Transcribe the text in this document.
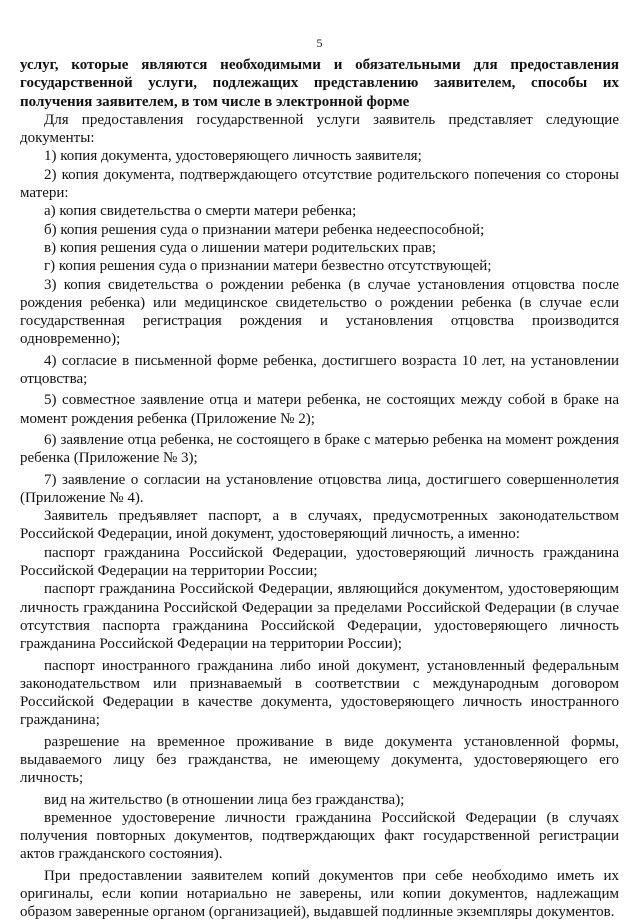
5

услуг, которые являются необходимыми и обязательными для предоставления государственной услуги, подлежащих представлению заявителем, способы их получения заявителем, в том числе в электронной форме

Для предоставления государственной услуги заявитель представляет следующие документы:

1) копия документа, удостоверяющего личность заявителя;

2) копия документа, подтверждающего отсутствие родительского попечения со стороны матери:

а) копия свидетельства о смерти матери ребенка;

б) копия решения суда о признании матери ребенка недееспособной;

в) копия решения суда о лишении матери родительских прав;

г) копия решения суда о признании матери безвестно отсутствующей;

3) копия свидетельства о рождении ребенка (в случае установления отцовства после рождения ребенка) или медицинское свидетельство о рождении ребенка (в случае если государственная регистрация рождения и установления отцовства производится одновременно);

4) согласие в письменной форме ребенка, достигшего возраста 10 лет, на установлении отцовства;

5) совместное заявление отца и матери ребенка, не состоящих между собой в браке на момент рождения ребенка (Приложение № 2);

6) заявление отца ребенка, не состоящего в браке с матерью ребенка на момент рождения ребенка (Приложение № 3);

7) заявление о согласии на установление отцовства лица, достигшего совершеннолетия (Приложение № 4).

Заявитель предъявляет паспорт, а в случаях, предусмотренных законодательством Российской Федерации, иной документ, удостоверяющий личность, а именно:

паспорт гражданина Российской Федерации, удостоверяющий личность гражданина Российской Федерации на территории России;

паспорт гражданина Российской Федерации, являющийся документом, удостоверяющим личность гражданина Российской Федерации за пределами Российской Федерации (в случае отсутствия паспорта гражданина Российской Федерации, удостоверяющего личность гражданина Российской Федерации на территории России);

паспорт иностранного гражданина либо иной документ, установленный федеральным законодательством или признаваемый в соответствии с международным договором Российской Федерации в качестве документа, удостоверяющего личность иностранного гражданина;

разрешение на временное проживание в виде документа установленной формы, выдаваемого лицу без гражданства, не имеющему документа, удостоверяющего его личность;

вид на жительство (в отношении лица без гражданства);

временное удостоверение личности гражданина Российской Федерации (в случаях получения повторных документов, подтверждающих факт государственной регистрации актов гражданского состояния).

При предоставлении заявителем копий документов при себе необходимо иметь их оригиналы, если копии нотариально не заверены, или копии документов, надлежащим образом заверенные органом (организацией), выдавшей подлинные экземпляры документов.
